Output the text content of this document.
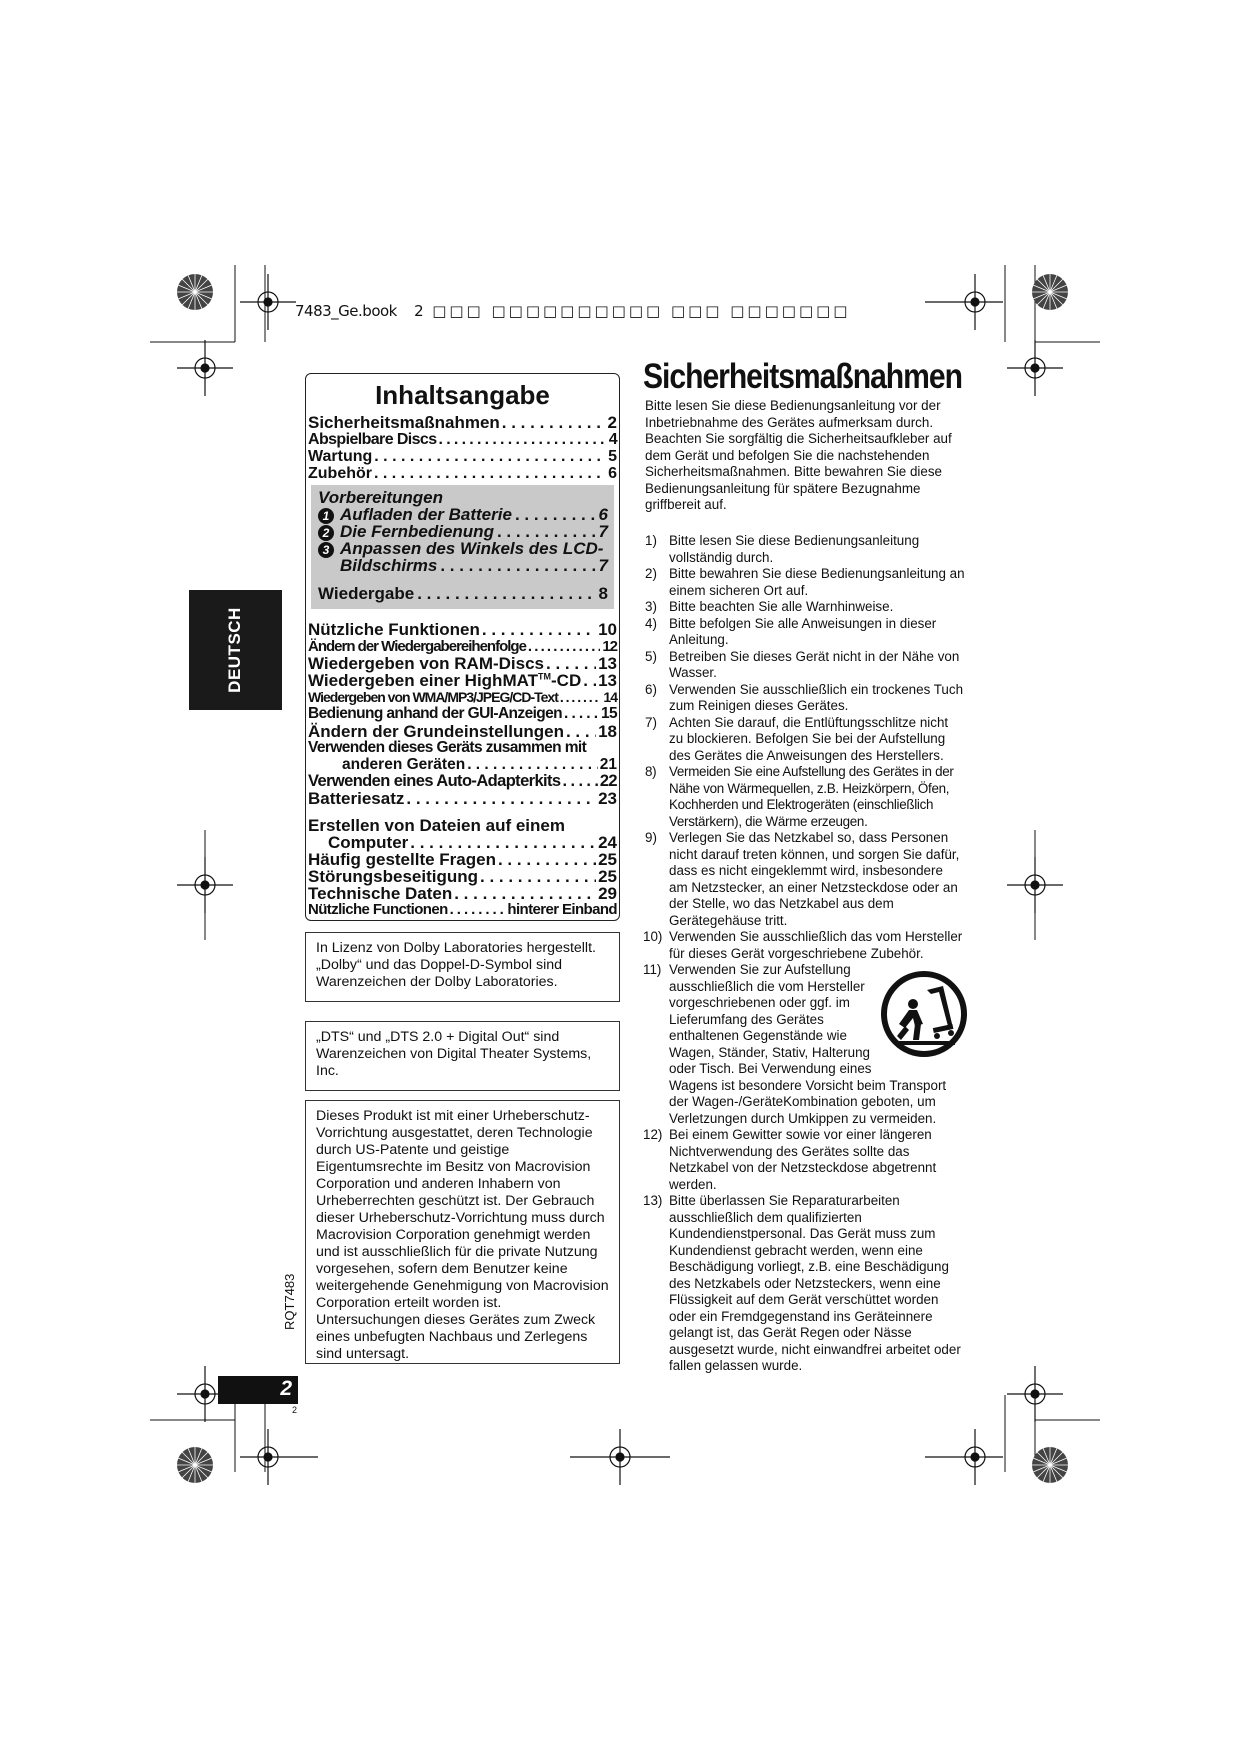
7483_Ge.book 2 ​□□□ □□□□□□□□□□ □□□ □□□□□□□
DEUTSCH
Inhaltsangabe
Sicherheitsmaßnahmen . . .	2
Abspielbare Discs . . .	4
Wartung . . .	5
Zubehör . . .	6
Vorbereitungen
1 Aufladen der Batterie . . .	6
2 Die Fernbedienung . . .	7
3 Anpassen des Winkels des LCD-
Bildschirms . . .	7
Wiedergabe . . .	8
Nützliche Funktionen . . .	10
Ändern der Wiedergabereihenfolge . . .	12
Wiedergeben von RAM-Discs . . .	13
Wiedergeben einer HighMAT™-CD . . . 13
Wiedergeben von WMA/MP3/JPEG/CD-Text . . .	14
Bedienung anhand der GUI-Anzeigen . . .	15
Ändern der Grundeinstellungen . . . 18
Verwenden dieses Geräts zusammen mit
anderen Geräten . . .	21
Verwenden eines Auto-Adapterkits . . . 22
Batteriesatz . . .	23
Erstellen von Dateien auf einem
Computer . . .	24
Häufig gestellte Fragen . . .	25
Störungsbeseitigung . . .	25
Technische Daten . . .	29
Nützliche Functionen . . .	hinterer Einband
In Lizenz von Dolby Laboratories hergestellt. „Dolby“ und das Doppel-D-Symbol sind Warenzeichen der Dolby Laboratories.
„DTS“ und „DTS 2.0 + Digital Out“ sind Warenzeichen von Digital Theater Systems, Inc.
Dieses Produkt ist mit einer Urheberschutz-Vorrichtung ausgestattet, deren Technologie durch US-Patente und geistige Eigentumsrechte im Besitz von Macrovision Corporation und anderen Inhabern von Urheberrechten geschützt ist. Der Gebrauch dieser Urheberschutz-Vorrichtung muss durch Macrovision Corporation genehmigt werden und ist ausschließlich für die private Nutzung vorgesehen, sofern dem Benutzer keine weitergehende Genehmigung von Macrovision Corporation erteilt worden ist. Untersuchungen dieses Gerätes zum Zweck eines unbefugten Nachbaus und Zerlegens sind untersagt.
Sicherheitsmaßnahmen
Bitte lesen Sie diese Bedienungsanleitung vor der Inbetriebnahme des Gerätes aufmerksam durch. Beachten Sie sorgfältig die Sicherheitsaufkleber auf dem Gerät und befolgen Sie die nachstehenden Sicherheitsmaßnahmen. Bitte bewahren Sie diese Bedienungsanleitung für spätere Bezugnahme griffbereit auf.
1) Bitte lesen Sie diese Bedienungsanleitung vollständig durch.
2) Bitte bewahren Sie diese Bedienungsanleitung an einem sicheren Ort auf.
3) Bitte beachten Sie alle Warnhinweise.
4) Bitte befolgen Sie alle Anweisungen in dieser Anleitung.
5) Betreiben Sie dieses Gerät nicht in der Nähe von Wasser.
6) Verwenden Sie ausschließlich ein trockenes Tuch zum Reinigen dieses Gerätes.
7) Achten Sie darauf, die Entlüftungsschlitze nicht zu blockieren. Befolgen Sie bei der Aufstellung des Gerätes die Anweisungen des Herstellers.
8) Vermeiden Sie eine Aufstellung des Gerätes in der Nähe von Wärmequellen, z.B. Heizkörpern, Öfen, Kochherden und Elektrogeräten (einschließlich Verstärkern), die Wärme erzeugen.
9) Verlegen Sie das Netzkabel so, dass Personen nicht darauf treten können, und sorgen Sie dafür, dass es nicht eingeklemmt wird, insbesondere am Netzstecker, an einer Netzsteckdose oder an der Stelle, wo das Netzkabel aus dem Gerätegehäuse tritt.
10) Verwenden Sie ausschließlich das vom Hersteller für dieses Gerät vorgeschriebene Zubehör.
11) Verwenden Sie zur Aufstellung ausschließlich die vom Hersteller vorgeschriebenen oder ggf. im Lieferumfang des Gerätes enthaltenen Gegenstände wie Wagen, Ständer, Stativ, Halterung oder Tisch. Bei Verwendung eines Wagens ist besondere Vorsicht beim Transport der Wagen-/GeräteKombination geboten, um Verletzungen durch Umkippen zu vermeiden.
12) Bei einem Gewitter sowie vor einer längeren Nichtverwendung des Gerätes sollte das Netzkabel von der Netzsteckdose abgetrennt werden.
13) Bitte überlassen Sie Reparaturarbeiten ausschließlich dem qualifizierten Kundendienstpersonal. Das Gerät muss zum Kundendienst gebracht werden, wenn eine Beschädigung vorliegt, z.B. eine Beschädigung des Netzkabels oder Netzsteckers, wenn eine Flüssigkeit auf dem Gerät verschüttet worden oder ein Fremdgegenstand ins Geräteinnere gelangt ist, das Gerät Regen oder Nässe ausgesetzt wurde, nicht einwandfrei arbeitet oder fallen gelassen wurde.
RQT7483
2
2
